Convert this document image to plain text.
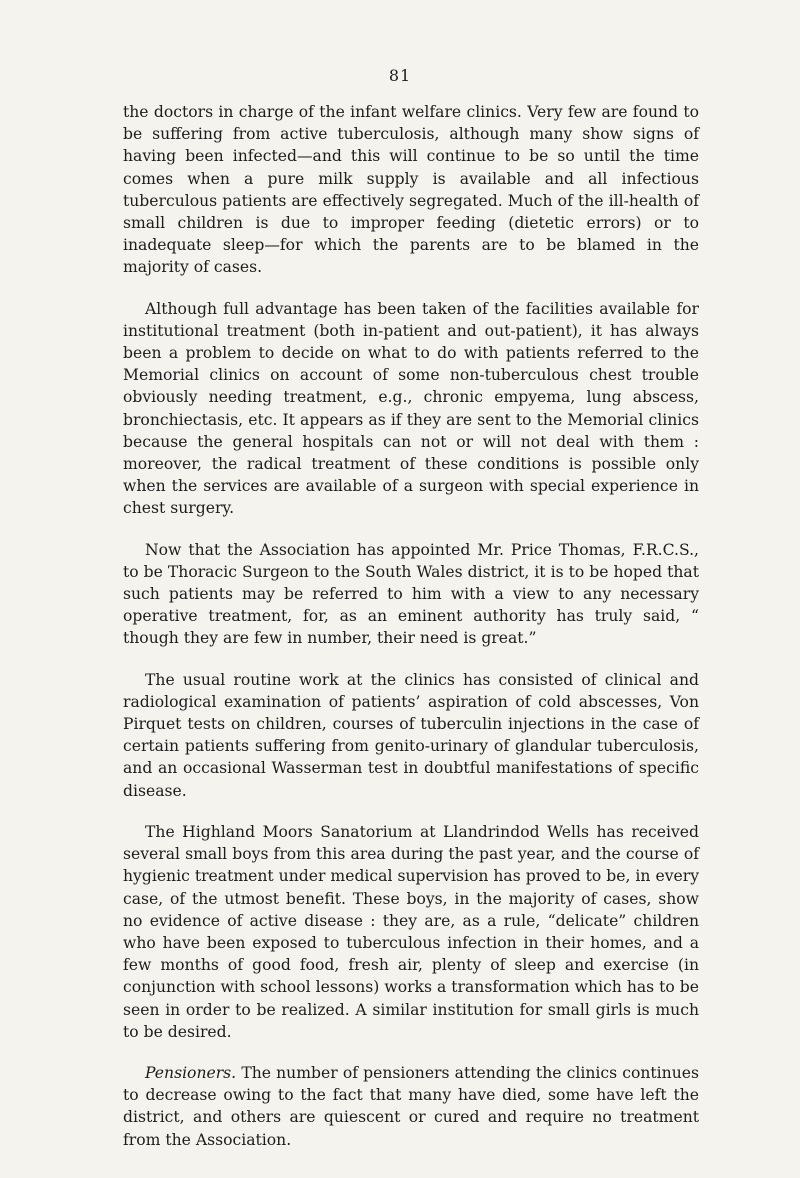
81

the doctors in charge of the infant welfare clinics. Very few are found to be suffering from active tuberculosis, although many show signs of having been infected—and this will continue to be so until the time comes when a pure milk supply is available and all infectious tuberculous patients are effectively segregated. Much of the ill-health of small children is due to improper feeding (dietetic errors) or to inadequate sleep—for which the parents are to be blamed in the majority of cases.

Although full advantage has been taken of the facilities available for institutional treatment (both in-patient and out-patient), it has always been a problem to decide on what to do with patients referred to the Memorial clinics on account of some non-tuberculous chest trouble obviously needing treatment, e.g., chronic empyema, lung abscess, bronchiectasis, etc. It appears as if they are sent to the Memorial clinics because the general hospitals can not or will not deal with them : moreover, the radical treatment of these conditions is possible only when the services are available of a surgeon with special experience in chest surgery.

Now that the Association has appointed Mr. Price Thomas, F.R.C.S., to be Thoracic Surgeon to the South Wales district, it is to be hoped that such patients may be referred to him with a view to any necessary operative treatment, for, as an eminent authority has truly said, “ though they are few in number, their need is great.”

The usual routine work at the clinics has consisted of clinical and radiological examination of patients’ aspiration of cold abscesses, Von Pirquet tests on children, courses of tuberculin injections in the case of certain patients suffering from genito-urinary of glandular tuberculosis, and an occasional Wasserman test in doubtful manifestations of specific disease.

The Highland Moors Sanatorium at Llandrindod Wells has received several small boys from this area during the past year, and the course of hygienic treatment under medical supervision has proved to be, in every case, of the utmost benefit. These boys, in the majority of cases, show no evidence of active disease : they are, as a rule, “delicate” children who have been exposed to tuberculous infection in their homes, and a few months of good food, fresh air, plenty of sleep and exercise (in conjunction with school lessons) works a transformation which has to be seen in order to be realized. A similar institution for small girls is much to be desired.

Pensioners. The number of pensioners attending the clinics continues to decrease owing to the fact that many have died, some have left the district, and others are quiescent or cured and require no treatment from the Association.
